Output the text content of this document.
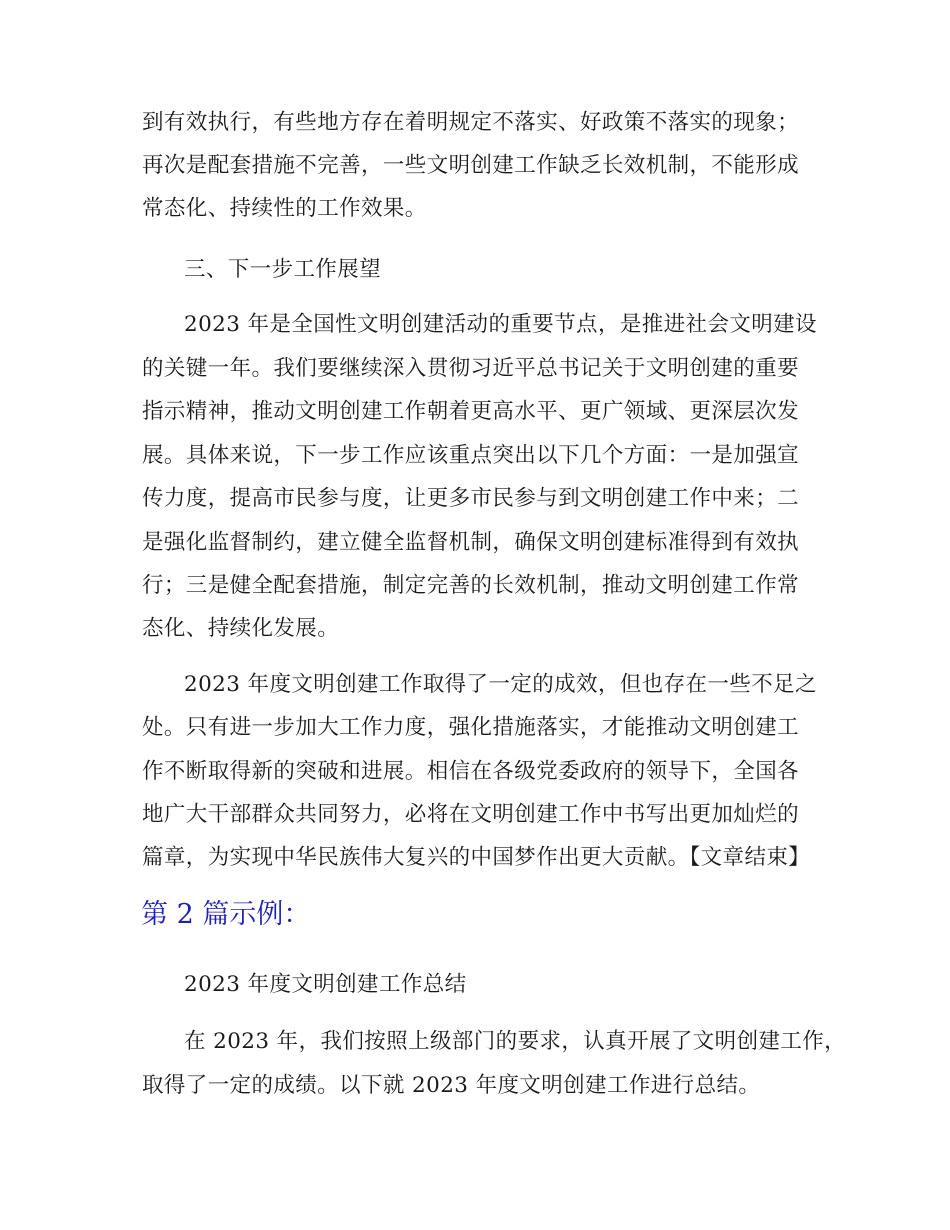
到有效执行，有些地方存在着明规定不落实、好政策不落实的现象；
再次是配套措施不完善，一些文明创建工作缺乏长效机制，不能形成
常态化、持续性的工作效果。
三、下一步工作展望
2023 年是全国性文明创建活动的重要节点，是推进社会文明建设
的关键一年。我们要继续深入贯彻习近平总书记关于文明创建的重要
指示精神，推动文明创建工作朝着更高水平、更广领域、更深层次发
展。具体来说，下一步工作应该重点突出以下几个方面：一是加强宣
传力度，提高市民参与度，让更多市民参与到文明创建工作中来；二
是强化监督制约，建立健全监督机制，确保文明创建标准得到有效执
行；三是健全配套措施，制定完善的长效机制，推动文明创建工作常
态化、持续化发展。
2023 年度文明创建工作取得了一定的成效，但也存在一些不足之
处。只有进一步加大工作力度，强化措施落实，才能推动文明创建工
作不断取得新的突破和进展。相信在各级党委政府的领导下，全国各
地广大干部群众共同努力，必将在文明创建工作中书写出更加灿烂的
篇章，为实现中华民族伟大复兴的中国梦作出更大贡献。【文章结束】
第 2 篇示例：
2023 年度文明创建工作总结
在 2023 年，我们按照上级部门的要求，认真开展了文明创建工作，
取得了一定的成绩。以下就 2023 年度文明创建工作进行总结。
